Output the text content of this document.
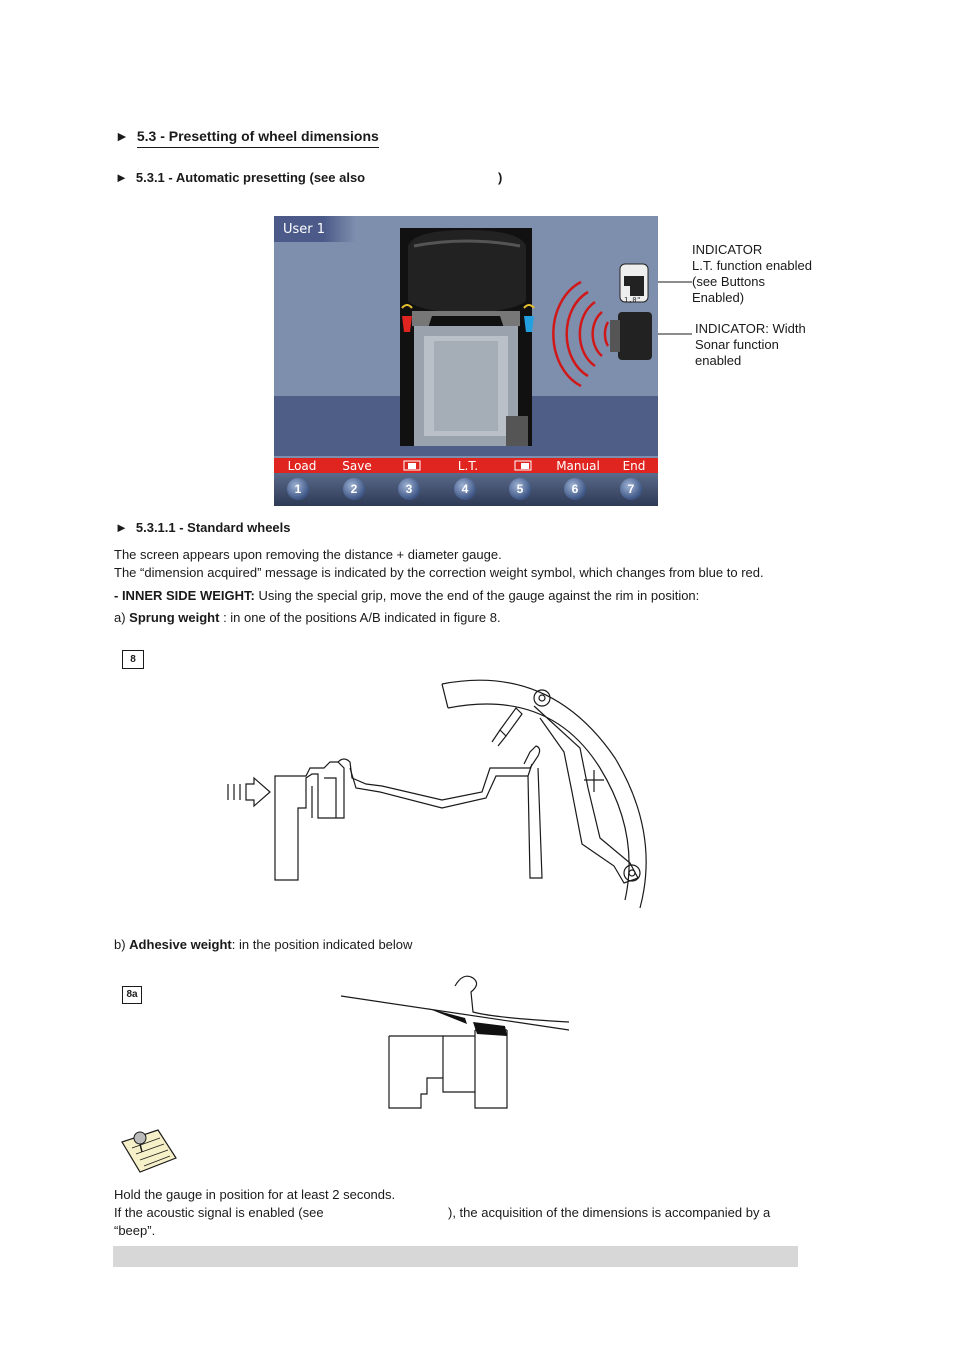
► 5.3 - Presetting of wheel dimensions
► 5.3.1 - Automatic presetting (see also	)
User 1
1,0"
Load	Save	L.T.	Manual	End
1	2	3	4	5	6	7
INDICATOR
L.T. function enabled
(see Buttons
Enabled)
INDICATOR: Width
Sonar function
enabled
► 5.3.1.1 - Standard wheels
The screen appears upon removing the distance + diameter gauge.
The “dimension acquired” message is indicated by the correction weight symbol, which changes from blue to red.
- INNER SIDE WEIGHT: Using the special grip, move the end of the gauge against the rim in position:
a) Sprung weight : in one of the positions A/B indicated in figure 8.
8
b) Adhesive weight: in the position indicated below
8a
Hold the gauge in position for at least 2 seconds.
If the acoustic signal is enabled (see	), the acquisition of the dimensions is accompanied by a
“beep”.
